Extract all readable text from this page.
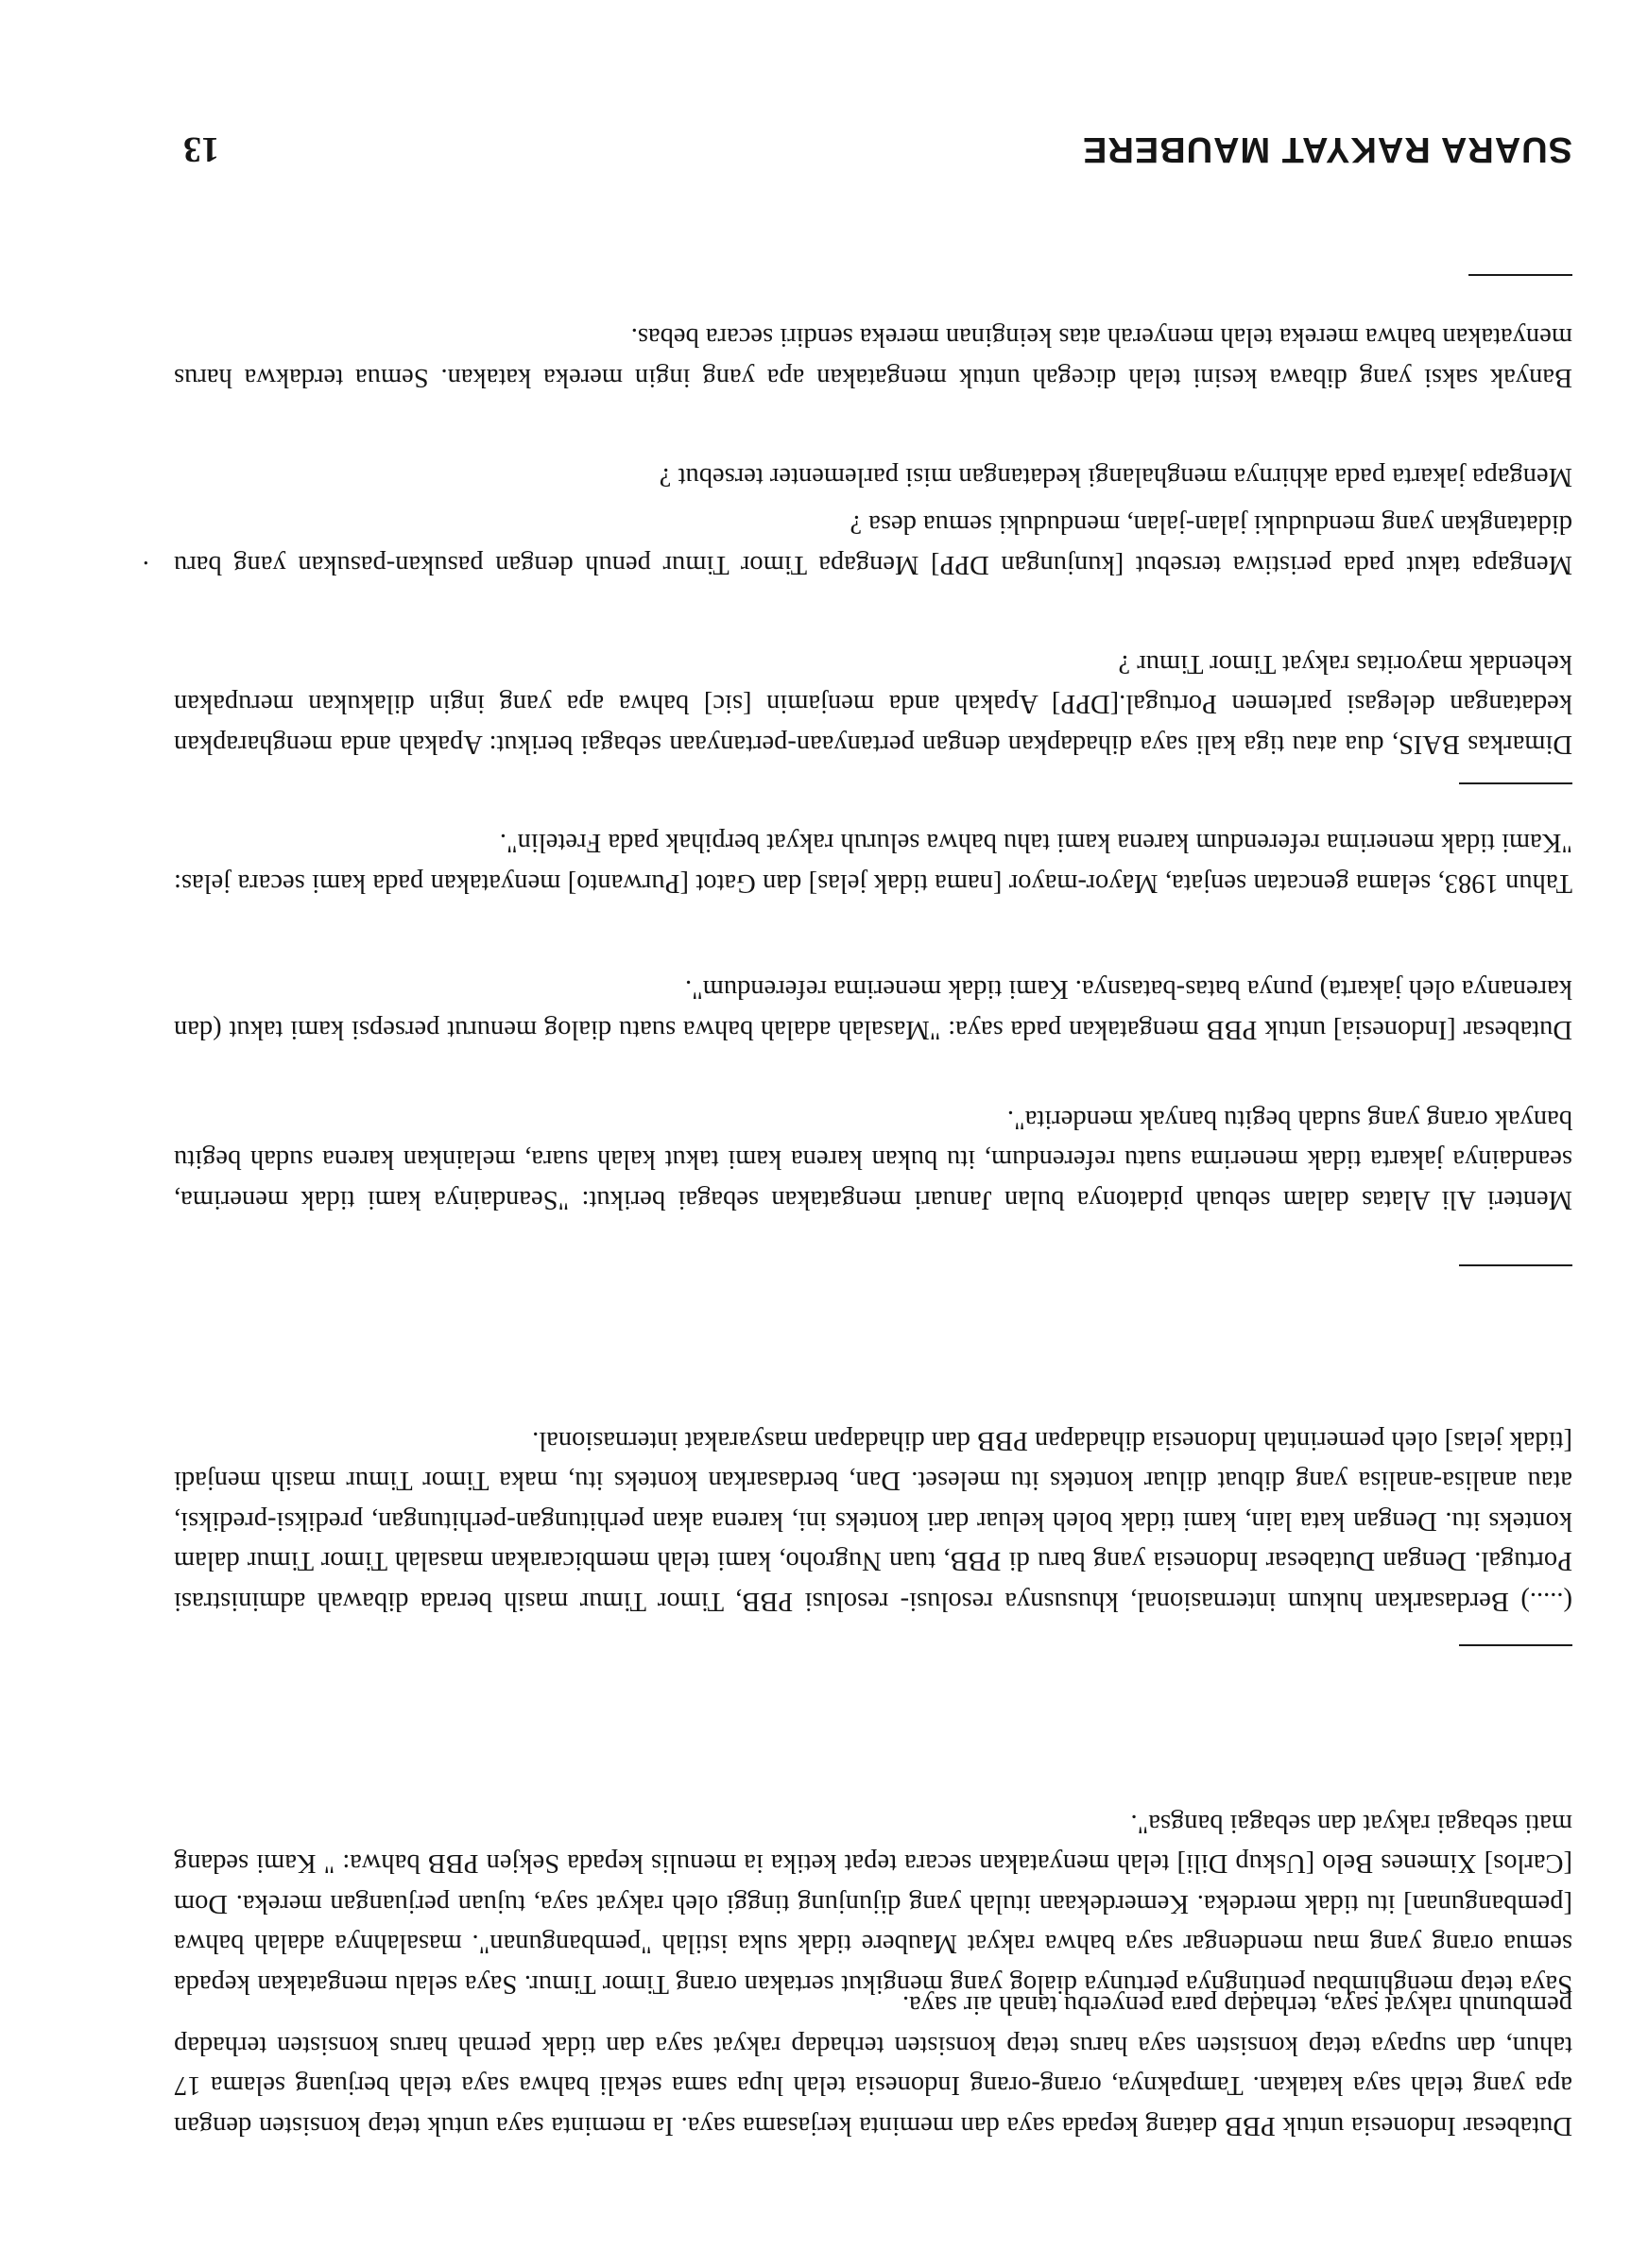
SUARA RAKYAT MAUBERE
13

Banyak saksi yang dibawa kesini telah dicegah untuk mengatakan apa yang ingin mereka katakan. Semua terdakwa harus menyatakan bahwa mereka telah menyerah atas keinginan mereka sendiri secara bebas.

Mengapa jakarta pada akhirnya menghalangi kedatangan misi parlementer tersebut ?

Mengapa takut pada peristiwa tersebut [kunjungan DPP] Mengapa Timor Timur penuh dengan pasukan-pasukan yang baru didatangkan yang menduduki jalan-jalan, menduduki semua desa ?

·

Dimarkas BAIS, dua atau tiga kali saya dihadapkan dengan pertanyaan-pertanyaan sebagai berikut: Apakah anda mengharapkan kedatangan delegasi parlemen Portugal.[DPP] Apakah anda menjamin [sic] bahwa apa yang ingin dilakukan merupakan kehendak mayoritas rakyat Timor Timur ?

Tahun 1983, selama gencatan senjata, Mayor-mayor [nama tidak jelas] dan Gatot [Purwanto] menyatakan pada kami secara jelas: "Kami tidak menerima referendum karena kami tahu bahwa seluruh rakyat berpihak pada Fretelin".

Dutabesar [Indonesia] untuk PBB mengatakan pada saya: "Masalah adalah bahwa suatu dialog menurut persepsi kami takut (dan karenanya oleh jakarta) punya batas-batasnya. Kami tidak menerima referendum".

Menteri Ali Alatas dalam sebuah pidatonya bulan Januari mengatakan sebagai berikut: "Seandainya kami tidak menerima, seandainya jakarta tidak menerima suatu referendum, itu bukan karena kami takut kalah suara, melainkan karena sudah begitu banyak orang yang sudah begitu banyak menderita".

(.....) Berdasarkan hukum internasional, khususnya resolusi- resolusi PBB, Timor Timur masih berada dibawah administrasi Portugal. Dengan Dutabesar Indonesia yang baru di PBB, tuan Nugroho, kami telah membicarakan masalah Timor Timur dalam konteks itu. Dengan kata lain, kami tidak boleh keluar dari konteks ini, karena akan perhitungan-perhitungan, prediksi-prediksi, atau analisa-analisa yang dibuat diluar konteks itu meleset. Dan, berdasarkan konteks itu, maka Timor Timur masih menjadi [tidak jelas] oleh pemerintah Indonesia dihadapan PBB dan dihadapan masyarakat internasional.

Saya tetap menghimbau pentingnya pertunya dialog yang mengikut sertakan orang Timor Timur. Saya selalu mengatakan kepada semua orang yang mau mendengar saya bahwa rakyat Maubere tidak suka istilah "pembangunan". masalahnya adalah bahwa [pembangunan] itu tidak merdeka. Kemerdekaan itulah yang dijunjung tinggi oleh rakyat saya, tujuan perjuangan mereka. Dom [Carlos] Ximenes Belo [Uskup Dili] telah menyatakan secara tepat ketika ia menulis kepada Sekjen PBB bahwa: " Kami sedang mati sebagai rakyat dan sebagai bangsa".

Dutabesar Indonesia untuk PBB datang kepada saya dan meminta kerjasama saya. Ia meminta saya untuk tetap konsisten dengan apa yang telah saya katakan. Tampaknya, orang-orang Indonesia telah lupa sama sekali bahwa saya telah berjuang selama 17 tahun, dan supaya tetap konsisten saya harus tetap konsisten terhadap rakyat saya dan tidak pernah harus konsisten terhadap pembunuh rakyat saya, terhadap para penyerbu tanah air saya.
